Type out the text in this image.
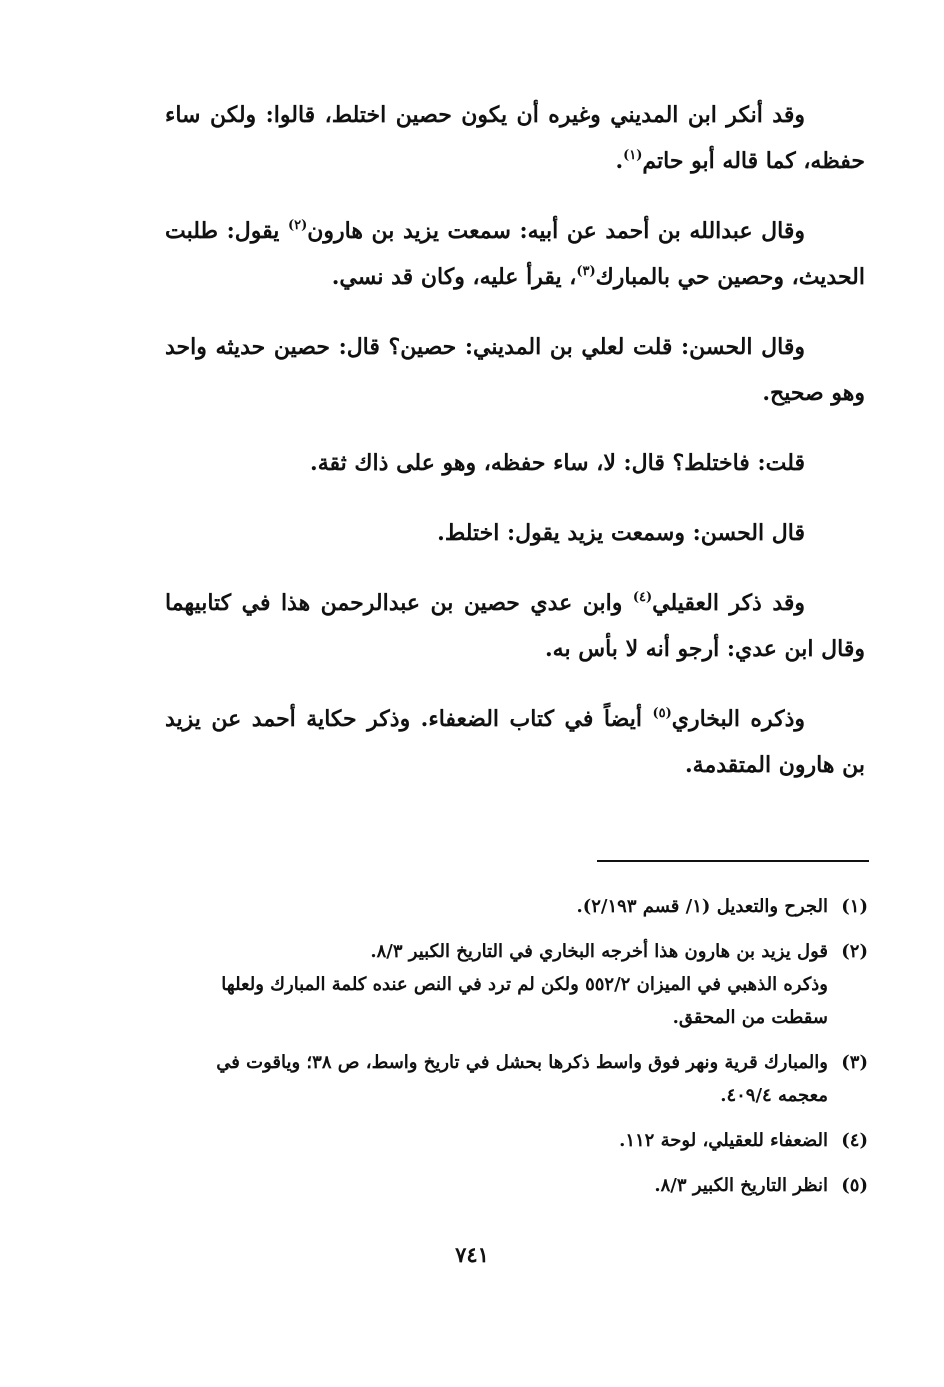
وقد أنكر ابن المديني وغيره أن يكون حصين اختلط، قالوا: ولكن ساء حفظه، كما قاله أبو حاتم$^{(١)}$.

وقال عبدالله بن أحمد عن أبيه: سمعت يزيد بن هارون$^{(٢)}$ يقول: طلبت الحديث، وحصين حي بالمبارك$^{(٣)}$، يقرأ عليه، وكان قد نسي.

وقال الحسن: قلت لعلي بن المديني: حصين؟ قال: حصين حديثه واحد وهو صحيح.

قلت: فاختلط؟ قال: لا، ساء حفظه، وهو على ذاك ثقة.

قال الحسن: وسمعت يزيد يقول: اختلط.

وقد ذكر العقيلي$^{(٤)}$ وابن عدي حصين بن عبدالرحمن هذا في كتابيهما وقال ابن عدي: أرجو أنه لا بأس به.

وذكره البخاري$^{(٥)}$ أيضاً في كتاب الضعفاء. وذكر حكاية أحمد عن يزيد بن هارون المتقدمة.

(١)
الجرح والتعديل (١/ قسم ٢/١٩٣).
(٢)
قول يزيد بن هارون هذا أخرجه البخاري في التاريخ الكبير ٨/٣.
وذكره الذهبي في الميزان ٥٥٢/٢ ولكن لم ترد في النص عنده كلمة المبارك ولعلها
سقطت من المحقق.
(٣)
والمبارك قرية ونهر فوق واسط ذكرها بحشل في تاريخ واسط، ص ٣٨؛ وياقوت في
معجمه ٤٠٩/٤.
(٤)
الضعفاء للعقيلي، لوحة ١١٢.
(٥)
انظر التاريخ الكبير ٨/٣.
٧٤١
